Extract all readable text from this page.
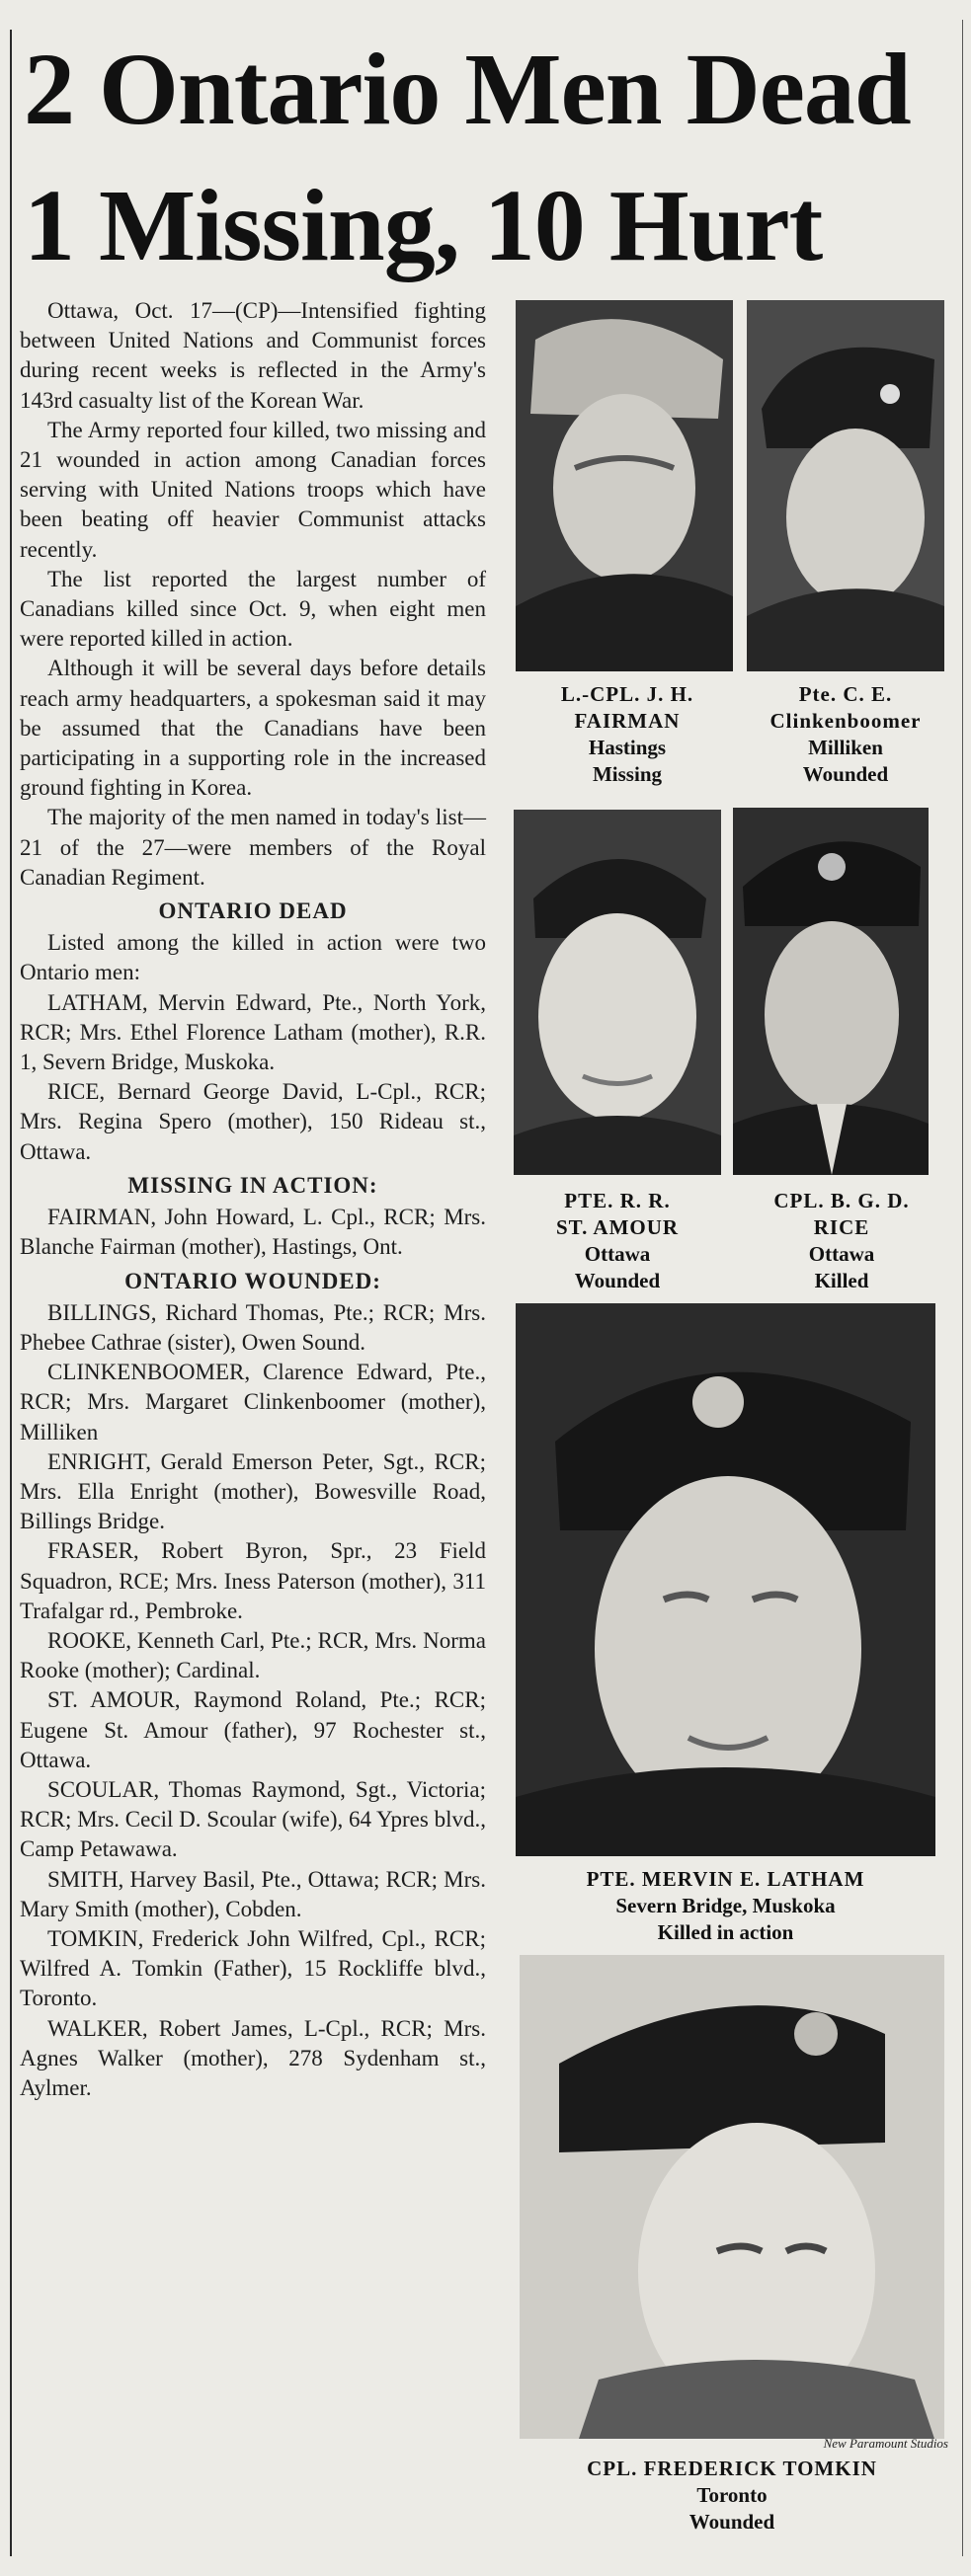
2 Ontario Men Dead
1 Missing, 10 Hurt

Ottawa, Oct. 17—(CP)—Intensified fighting between United Nations and Communist forces during recent weeks is reflected in the Army's 143rd casualty list of the Korean War.

The Army reported four killed, two missing and 21 wounded in action among Canadian forces serving with United Nations troops which have been beating off heavier Communist attacks recently.

The list reported the largest number of Canadians killed since Oct. 9, when eight men were reported killed in action.

Although it will be several days before details reach army headquarters, a spokesman said it may be assumed that the Canadians have been participating in a supporting role in the increased ground fighting in Korea.

The majority of the men named in today's list—21 of the 27—were members of the Royal Canadian Regiment.

ONTARIO DEAD

Listed among the killed in action were two Ontario men:

LATHAM, Mervin Edward, Pte., North York, RCR; Mrs. Ethel Florence Latham (mother), R.R. 1, Severn Bridge, Muskoka.

RICE, Bernard George David, L-Cpl., RCR; Mrs. Regina Spero (mother), 150 Rideau st., Ottawa.

MISSING IN ACTION:

FAIRMAN, John Howard, L. Cpl., RCR; Mrs. Blanche Fairman (mother), Hastings, Ont.

ONTARIO WOUNDED:

BILLINGS, Richard Thomas, Pte.; RCR; Mrs. Phebee Cathrae (sister), Owen Sound.

CLINKENBOOMER, Clarence Edward, Pte., RCR; Mrs. Margaret Clinkenboomer (mother), Milliken

ENRIGHT, Gerald Emerson Peter, Sgt., RCR; Mrs. Ella Enright (mother), Bowesville Road, Billings Bridge.

FRASER, Robert Byron, Spr., 23 Field Squadron, RCE; Mrs. Iness Paterson (mother), 311 Trafalgar rd., Pembroke.

ROOKE, Kenneth Carl, Pte.; RCR, Mrs. Norma Rooke (mother); Cardinal.

ST. AMOUR, Raymond Roland, Pte.; RCR; Eugene St. Amour (father), 97 Rochester st., Ottawa.

SCOULAR, Thomas Raymond, Sgt., Victoria; RCR; Mrs. Cecil D. Scoular (wife), 64 Ypres blvd., Camp Petawawa.

SMITH, Harvey Basil, Pte., Ottawa; RCR; Mrs. Mary Smith (mother), Cobden.

TOMKIN, Frederick John Wilfred, Cpl., RCR; Wilfred A. Tomkin (Father), 15 Rockliffe blvd., Toronto.

WALKER, Robert James, L-Cpl., RCR; Mrs. Agnes Walker (mother), 278 Sydenham st., Aylmer.

L.-CPL. J. H.
FAIRMAN
Hastings
Missing
Pte. C. E.
Clinkenboomer
Milliken
Wounded
PTE. R. R.
ST. AMOUR
Ottawa
Wounded
CPL. B. G. D.
RICE
Ottawa
Killed
PTE. MERVIN E. LATHAM
Severn Bridge, Muskoka
Killed in action
New Paramount Studios
CPL. FREDERICK TOMKIN
Toronto
Wounded
